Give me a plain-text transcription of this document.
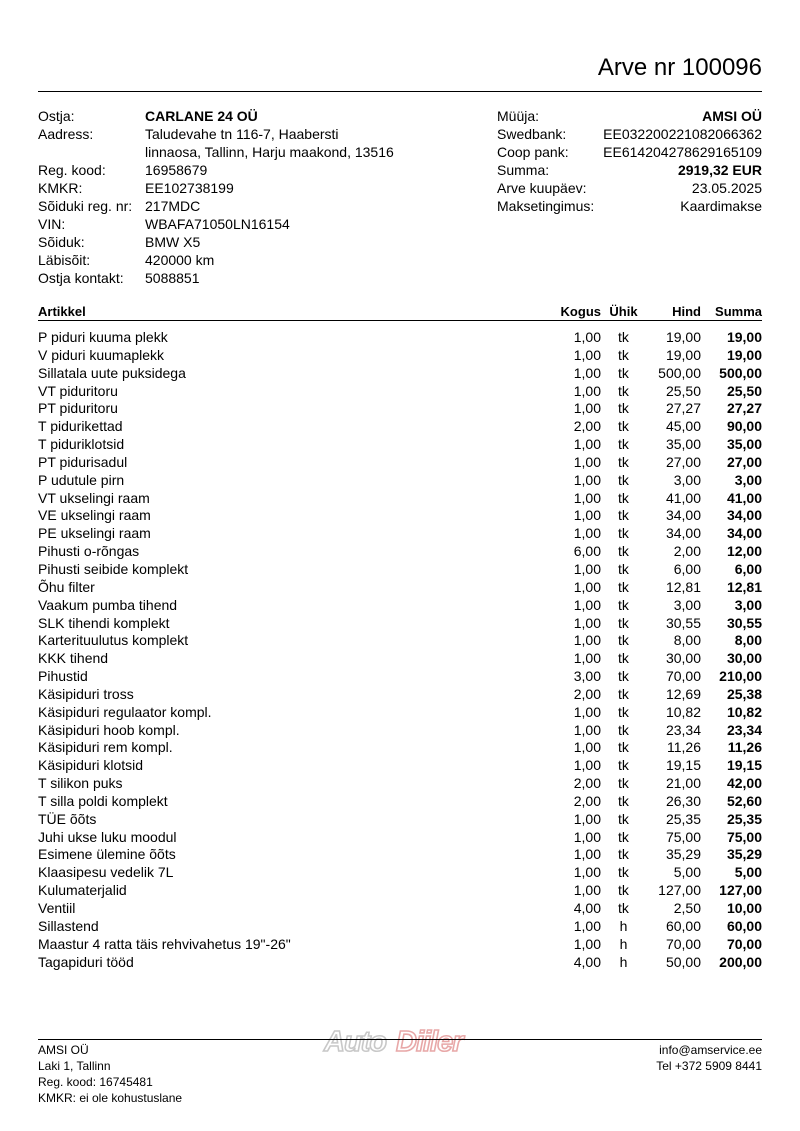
Arve nr 100096
Ostja:	CARLANE 24 OÜ
Aadress:	Taludevahe tn 116-7, Haabersti
linnaosa, Tallinn, Harju maakond, 13516
Reg. kood:	16958679
KMKR:	EE102738199
Sõiduki reg. nr: 217MDC
VIN:	WBAFA71050LN16154
Sõiduk:	BMW X5
Läbisõit:	420000 km
Ostja kontakt:	5088851
Müüja:	AMSI OÜ
Swedbank:	EE032200221082066362
Coop pank: EE614204278629165109
Summa:	2919,32 EUR
Arve kuupäev:	23.05.2025
Maksetingimus:	Kaardimakse
Artikkel	Kogus Ühik	Hind	Summa
P piduri kuuma plekk	1,00	tk	19,00	19,00
V piduri kuumaplekk	1,00	tk	19,00	19,00
Sillatala uute puksidega	1,00	tk	500,00	500,00
VT piduritoru	1,00	tk	25,50	25,50
PT piduritoru	1,00	tk	27,27	27,27
T pidurikettad	2,00	tk	45,00	90,00
T piduriklotsid	1,00	tk	35,00	35,00
PT pidurisadul	1,00	tk	27,00	27,00
P udutule pirn	1,00	tk	3,00	3,00
VT ukselingi raam	1,00	tk	41,00	41,00
VE ukselingi raam	1,00	tk	34,00	34,00
PE ukselingi raam	1,00	tk	34,00	34,00
Pihusti o-rõngas	6,00	tk	2,00	12,00
Pihusti seibide komplekt	1,00	tk	6,00	6,00
Õhu filter	1,00	tk	12,81	12,81
Vaakum pumba tihend	1,00	tk	3,00	3,00
SLK tihendi komplekt	1,00	tk	30,55	30,55
Karterituulutus komplekt	1,00	tk	8,00	8,00
KKK tihend	1,00	tk	30,00	30,00
Pihustid	3,00	tk	70,00	210,00
Käsipiduri tross	2,00	tk	12,69	25,38
Käsipiduri regulaator kompl.	1,00	tk	10,82	10,82
Käsipiduri hoob kompl.	1,00	tk	23,34	23,34
Käsipiduri rem kompl.	1,00	tk	11,26	11,26
Käsipiduri klotsid	1,00	tk	19,15	19,15
T silikon puks	2,00	tk	21,00	42,00
T silla poldi komplekt	2,00	tk	26,30	52,60
TÜE õõts	1,00	tk	25,35	25,35
Juhi ukse luku moodul	1,00	tk	75,00	75,00
Esimene ülemine õõts	1,00	tk	35,29	35,29
Klaasipesu vedelik 7L	1,00	tk	5,00	5,00
Kulumaterjalid	1,00	tk	127,00	127,00
Ventiil	4,00	tk	2,50	10,00
Sillastend	1,00	h	60,00	60,00
Maastur 4 ratta täis rehvivahetus 19"-26"	1,00	h	70,00	70,00
Tagapiduri tööd	4,00	h	50,00	200,00
Auto Diiler
AMSI OÜ
Laki 1, Tallinn
Reg. kood: 16745481
KMKR: ei ole kohustuslane
info@amservice.ee
Tel +372 5909 8441
